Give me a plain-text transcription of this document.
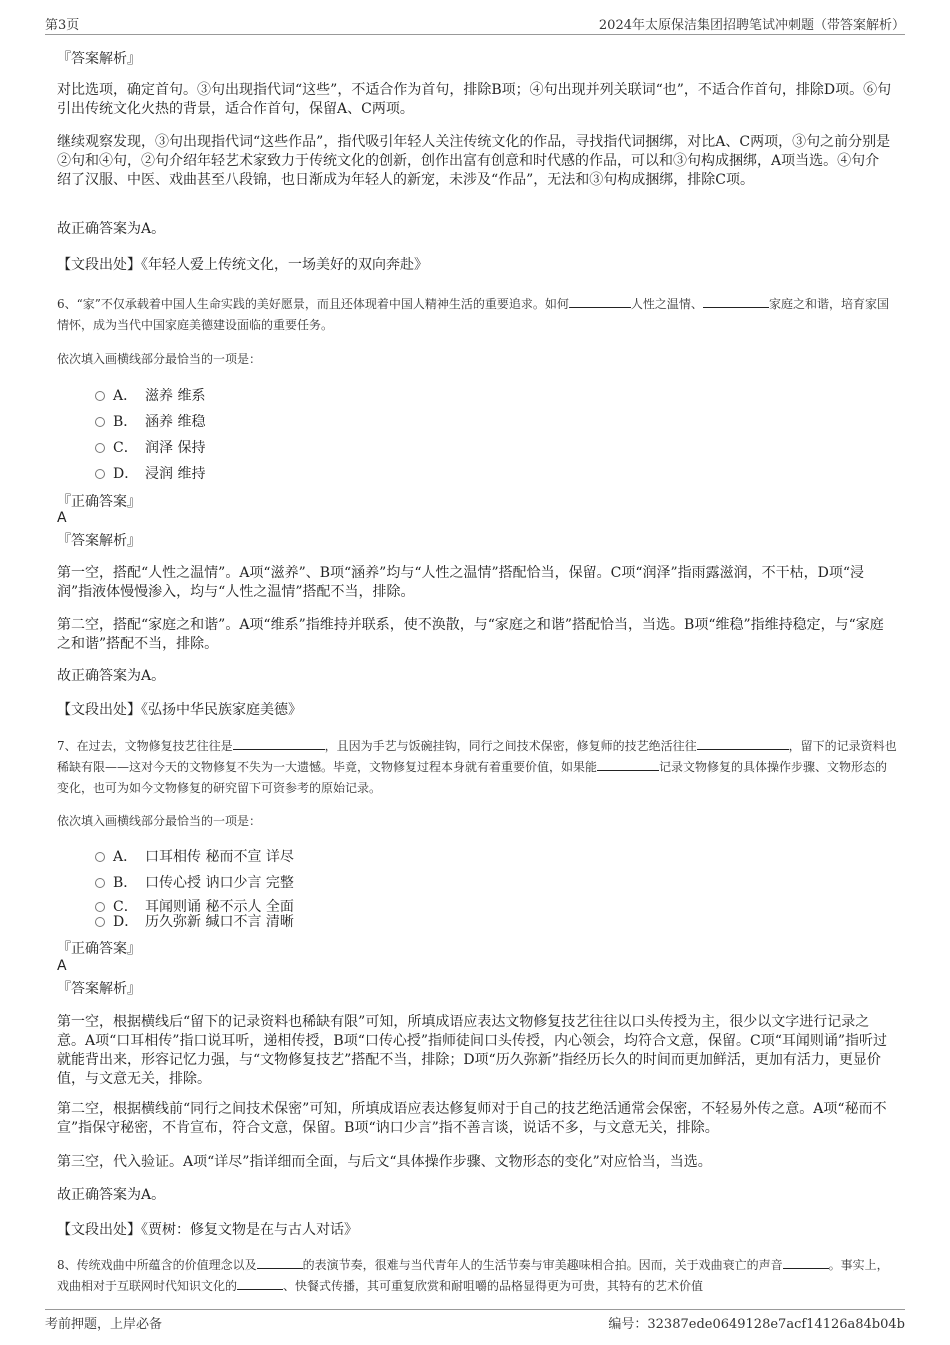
第3页	2024年太原保洁集团招聘笔试冲刺题（带答案解析）
『答案解析』
对比选项，确定首句。③句出现指代词“这些”，不适合作为首句，排除B项；④句出现并列关联词“也”，不适合作首句，排除D项。⑥句引出传统文化火热的背景，适合作首句，保留A、C两项。
继续观察发现，③句出现指代词“这些作品”，指代吸引年轻人关注传统文化的作品，寻找指代词捆绑，对比A、C两项，③句之前分别是②句和④句，②句介绍年轻艺术家致力于传统文化的创新，创作出富有创意和时代感的作品，可以和③句构成捆绑，A项当选。④句介绍了汉服、中医、戏曲甚至八段锦，也日渐成为年轻人的新宠，未涉及“作品”，无法和③句构成捆绑，排除C项。
故正确答案为A。
【文段出处】《年轻人爱上传统文化，一场美好的双向奔赴》
6、“家”不仅承载着中国人生命实践的美好愿景，而且还体现着中国人精神生活的重要追求。如何	人性之温情、	家庭之和谐，培育家国情怀，成为当代中国家庭美德建设面临的重要任务。
依次填入画横线部分最恰当的一项是：
A． 滋养 维系
B． 涵养 维稳
C． 润泽 保持
D． 浸润 维持
『正确答案』
A
『答案解析』
第一空，搭配“人性之温情”。A项“滋养”、B项“涵养”均与“人性之温情”搭配恰当，保留。C项“润泽”指雨露滋润，不干枯，D项“浸润”指液体慢慢渗入，均与“人性之温情”搭配不当，排除。
第二空，搭配“家庭之和谐”。A项“维系”指维持并联系，使不涣散，与“家庭之和谐”搭配恰当，当选。B项“维稳”指维持稳定，与“家庭之和谐”搭配不当，排除。
故正确答案为A。
【文段出处】《弘扬中华民族家庭美德》
7、在过去，文物修复技艺往往是	，且因为手艺与饭碗挂钩，同行之间技术保密，修复师的技艺绝活往往	，留下的记录资料也稀缺有限——这对今天的文物修复不失为一大遗憾。毕竟，文物修复过程本身就有着重要价值，如果能	记录文物修复的具体操作步骤、文物形态的变化，也可为如今文物修复的研究留下可资参考的原始记录。
依次填入画横线部分最恰当的一项是：
A． 口耳相传 秘而不宣 详尽
B． 口传心授 讷口少言 完整
C． 耳闻则诵 秘不示人 全面
D． 历久弥新 缄口不言 清晰
『正确答案』
A
『答案解析』
第一空，根据横线后“留下的记录资料也稀缺有限”可知，所填成语应表达文物修复技艺往往以口头传授为主，很少以文字进行记录之意。A项“口耳相传”指口说耳听，递相传授，B项“口传心授”指师徒间口头传授，内心领会，均符合文意，保留。C项“耳闻则诵”指听过就能背出来，形容记忆力强，与“文物修复技艺”搭配不当，排除；D项“历久弥新”指经历长久的时间而更加鲜活，更加有活力，更显价值，与文意无关，排除。
第二空，根据横线前“同行之间技术保密”可知，所填成语应表达修复师对于自己的技艺绝活通常会保密，不轻易外传之意。A项“秘而不宣”指保守秘密，不肯宣布，符合文意，保留。B项“讷口少言”指不善言谈，说话不多，与文意无关，排除。
第三空，代入验证。A项“详尽”指详细而全面，与后文“具体操作步骤、文物形态的变化”对应恰当，当选。
故正确答案为A。
【文段出处】《贾树：修复文物是在与古人对话》
8、传统戏曲中所蕴含的价值理念以及	的表演节奏，很难与当代青年人的生活节奏与审美趣味相合拍。因而，关于戏曲衰亡的声音	。事实上，戏曲相对于互联网时代知识文化的	、快餐式传播，其可重复欣赏和耐咀嚼的品格显得更为可贵，其特有的艺术价值
考前押题，上岸必备	编号：32387ede0649128e7acf14126a84b04b
